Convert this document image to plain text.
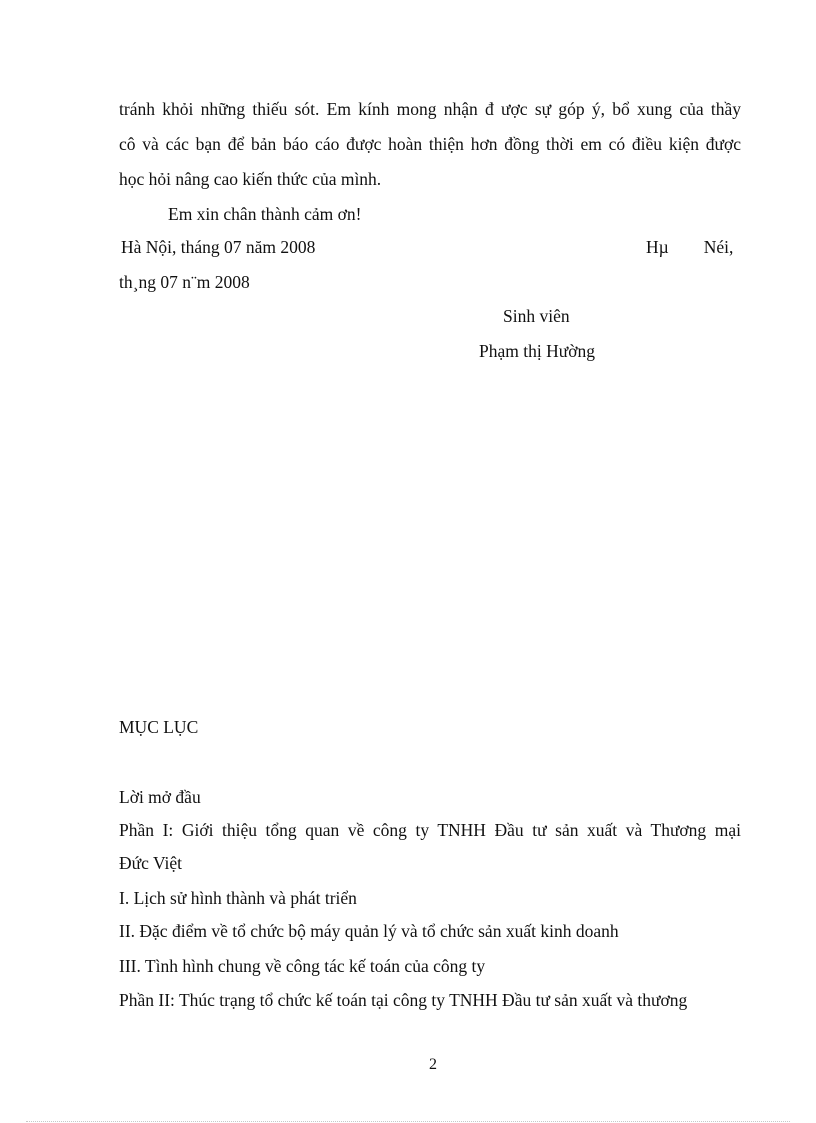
tránh khỏi những thiếu sót. Em kính mong nhận đ ược sự góp ý, bổ xung của thầy
cô và các bạn để bản báo cáo được hoàn thiện hơn đồng thời em có điều kiện được
học hỏi nâng cao kiến thức của mình.
Em xin chân thành cảm ơn!
Hà Nội, tháng 07 năm 2008	Hµ        Néi,
th¸ng 07 n¨m 2008
Sinh viên
Phạm thị Hường
MỤC LỤC
Lời mở đầu
Phần I: Giới thiệu tổng quan về công ty TNHH Đầu tư sản xuất và Thương mại
Đức Việt
I. Lịch sử hình thành và phát triển
II. Đặc điểm về tổ chức bộ máy quản lý và tổ chức sản xuất kinh doanh
III. Tình hình chung về công tác kế toán của công ty
Phần II: Thúc trạng tổ chức kế toán tại công ty TNHH Đầu tư sản xuất và thương
2
